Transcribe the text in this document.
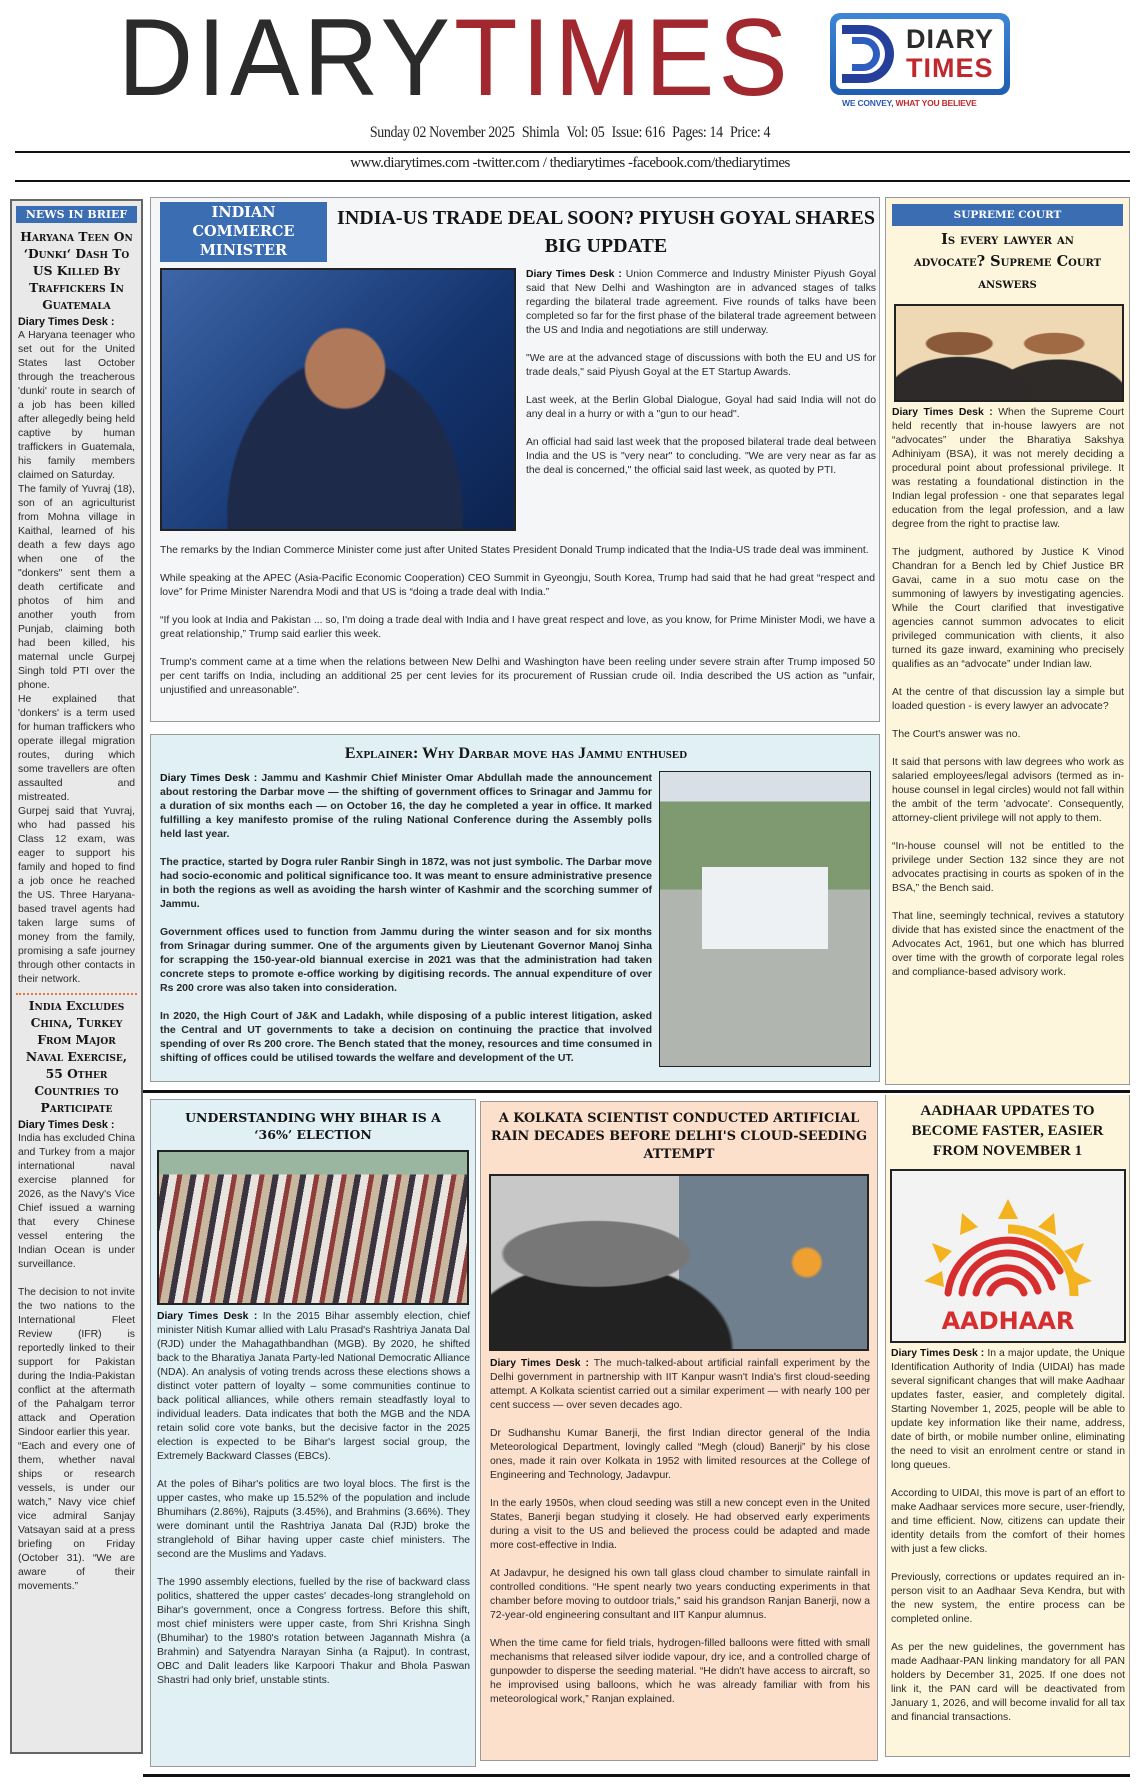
DIARYTIMES	DIARY
TIMES
WE CONVEY, WHAT YOU BELIEVE
Sunday 02 November 2025 Shimla Vol: 05 Issue: 616 Pages: 14 Price: 4
www.diarytimes.com -twitter.com / thediarytimes -facebook.com/thediarytimes
NEWS IN BRIEF
Haryana Teen On ‘Dunki‘ Dash To US Killed By Traffickers In Guatemala
Diary Times Desk :

A Haryana teenager who set out for the United States last October through the treacherous 'dunki' route in search of a job has been killed after allegedly being held captive by human traffickers in Guatemala, his family members claimed on Saturday.

The family of Yuvraj (18), son of an agriculturist from Mohna village in Kaithal, learned of his death a few days ago when one of the "donkers" sent them a death certificate and photos of him and another youth from Punjab, claiming both had been killed, his maternal uncle Gurpej Singh told PTI over the phone.

He explained that 'donkers' is a term used for human traffickers who operate illegal migration routes, during which some travellers are often assaulted and mistreated.

Gurpej said that Yuvraj, who had passed his Class 12 exam, was eager to support his family and hoped to find a job once he reached the US. Three Haryana-based travel agents had taken large sums of money from the family, promising a safe journey through other contacts in their network.

India Excludes China, Turkey From Major Naval Exercise, 55 Other Countries to Participate
Diary Times Desk :

India has excluded China and Turkey from a major international naval exercise planned for 2026, as the Navy's Vice Chief issued a warning that every Chinese vessel entering the Indian Ocean is under surveillance.

The decision to not invite the two nations to the International Fleet Review (IFR) is reportedly linked to their support for Pakistan during the India-Pakistan conflict at the aftermath of the Pahalgam terror attack and Operation Sindoor earlier this year.

“Each and every one of them, whether naval ships or research vessels, is under our watch,” Navy vice chief vice admiral Sanjay Vatsayan said at a press briefing on Friday (October 31). “We are aware of their movements.”

INDIAN COMMERCE MINISTER
INDIA-US TRADE DEAL SOON? PIYUSH GOYAL SHARES BIG UPDATE

Diary Times Desk : Union Commerce and Industry Minister Piyush Goyal said that New Delhi and Washington are in advanced stages of talks regarding the bilateral trade agreement. Five rounds of talks have been completed so far for the first phase of the bilateral trade agreement between the US and India and negotiations are still underway.

"We are at the advanced stage of discussions with both the EU and US for trade deals," said Piyush Goyal at the ET Startup Awards.

Last week, at the Berlin Global Dialogue, Goyal had said India will not do any deal in a hurry or with a "gun to our head".

An official had said last week that the proposed bilateral trade deal between India and the US is "very near" to concluding. "We are very near as far as the deal is concerned," the official said last week, as quoted by PTI.

The remarks by the Indian Commerce Minister come just after United States President Donald Trump indicated that the India-US trade deal was imminent.

While speaking at the APEC (Asia-Pacific Economic Cooperation) CEO Summit in Gyeongju, South Korea, Trump had said that he had great “respect and love” for Prime Minister Narendra Modi and that US is “doing a trade deal with India.”

“If you look at India and Pakistan ... so, I'm doing a trade deal with India and I have great respect and love, as you know, for Prime Minister Modi, we have a great relationship,” Trump said earlier this week.

Trump's comment came at a time when the relations between New Delhi and Washington have been reeling under severe strain after Trump imposed 50 per cent tariffs on India, including an additional 25 per cent levies for its procurement of Russian crude oil. India described the US action as "unfair, unjustified and unreasonable".

Explainer: Why Darbar move has Jammu enthused

Diary Times Desk : Jammu and Kashmir Chief Minister Omar Abdullah made the announcement about restoring the Darbar move — the shifting of government offices to Srinagar and Jammu for a duration of six months each — on October 16, the day he completed a year in office. It marked fulfilling a key manifesto promise of the ruling National Conference during the Assembly polls held last year.

The practice, started by Dogra ruler Ranbir Singh in 1872, was not just symbolic. The Darbar move had socio-economic and political significance too. It was meant to ensure administrative presence in both the regions as well as avoiding the harsh winter of Kashmir and the scorching summer of Jammu.

Government offices used to function from Jammu during the winter season and for six months from Srinagar during summer. One of the arguments given by Lieutenant Governor Manoj Sinha for scrapping the 150-year-old biannual exercise in 2021 was that the administration had taken concrete steps to promote e-office working by digitising records. The annual expenditure of over Rs 200 crore was also taken into consideration.

In 2020, the High Court of J&K and Ladakh, while disposing of a public interest litigation, asked the Central and UT governments to take a decision on continuing the practice that involved spending of over Rs 200 crore. The Bench stated that the money, resources and time consumed in shifting of offices could be utilised towards the welfare and development of the UT.

SUPREME COURT
Is every lawyer an advocate? Supreme Court answers

Diary Times Desk : When the Supreme Court held recently that in-house lawyers are not “advocates” under the Bharatiya Sakshya Adhiniyam (BSA), it was not merely deciding a procedural point about professional privilege. It was restating a foundational distinction in the Indian legal profession - one that separates legal education from the legal profession, and a law degree from the right to practise law.

The judgment, authored by Justice K Vinod Chandran for a Bench led by Chief Justice BR Gavai, came in a suo motu case on the summoning of lawyers by investigating agencies. While the Court clarified that investigative agencies cannot summon advocates to elicit privileged communication with clients, it also turned its gaze inward, examining who precisely qualifies as an “advocate” under Indian law.

At the centre of that discussion lay a simple but loaded question - is every lawyer an advocate?

The Court's answer was no.

It said that persons with law degrees who work as salaried employees/legal advisors (termed as in-house counsel in legal circles) would not fall within the ambit of the term 'advocate'. Consequently, attorney-client privilege will not apply to them.

“In-house counsel will not be entitled to the privilege under Section 132 since they are not advocates practising in courts as spoken of in the BSA,” the Bench said.

That line, seemingly technical, revives a statutory divide that has existed since the enactment of the Advocates Act, 1961, but one which has blurred over time with the growth of corporate legal roles and compliance-based advisory work.

UNDERSTANDING WHY BIHAR IS A ‘36%’ ELECTION

Diary Times Desk : In the 2015 Bihar assembly election, chief minister Nitish Kumar allied with Lalu Prasad's Rashtriya Janata Dal (RJD) under the Mahagathbandhan (MGB). By 2020, he shifted back to the Bharatiya Janata Party-led National Democratic Alliance (NDA). An analysis of voting trends across these elections shows a distinct voter pattern of loyalty – some communities continue to back political alliances, while others remain steadfastly loyal to individual leaders. Data indicates that both the MGB and the NDA retain solid core vote banks, but the decisive factor in the 2025 election is expected to be Bihar's largest social group, the Extremely Backward Classes (EBCs).

At the poles of Bihar's politics are two loyal blocs. The first is the upper castes, who make up 15.52% of the population and include Bhumihars (2.86%), Rajputs (3.45%), and Brahmins (3.66%). They were dominant until the Rashtriya Janata Dal (RJD) broke the stranglehold of Bihar having upper caste chief ministers. The second are the Muslims and Yadavs.

The 1990 assembly elections, fuelled by the rise of backward class politics, shattered the upper castes' decades-long stranglehold on Bihar's government, once a Congress fortress. Before this shift, most chief ministers were upper caste, from Shri Krishna Singh (Bhumihar) to the 1980's rotation between Jagannath Mishra (a Brahmin) and Satyendra Narayan Sinha (a Rajput). In contrast, OBC and Dalit leaders like Karpoori Thakur and Bhola Paswan Shastri had only brief, unstable stints.

A KOLKATA SCIENTIST CONDUCTED ARTIFICIAL RAIN DECADES BEFORE DELHI'S CLOUD-SEEDING ATTEMPT

Diary Times Desk : The much-talked-about artificial rainfall experiment by the Delhi government in partnership with IIT Kanpur wasn't India's first cloud-seeding attempt. A Kolkata scientist carried out a similar experiment — with nearly 100 per cent success — over seven decades ago.

Dr Sudhanshu Kumar Banerji, the first Indian director general of the India Meteorological Department, lovingly called “Megh (cloud) Banerji” by his close ones, made it rain over Kolkata in 1952 with limited resources at the College of Engineering and Technology, Jadavpur.

In the early 1950s, when cloud seeding was still a new concept even in the United States, Banerji began studying it closely. He had observed early experiments during a visit to the US and believed the process could be adapted and made more cost-effective in India.

At Jadavpur, he designed his own tall glass cloud chamber to simulate rainfall in controlled conditions. “He spent nearly two years conducting experiments in that chamber before moving to outdoor trials,” said his grandson Ranjan Banerji, now a 72-year-old engineering consultant and IIT Kanpur alumnus.

When the time came for field trials, hydrogen-filled balloons were fitted with small mechanisms that released silver iodide vapour, dry ice, and a controlled charge of gunpowder to disperse the seeding material. “He didn't have access to aircraft, so he improvised using balloons, which he was already familiar with from his meteorological work,” Ranjan explained.

AADHAAR UPDATES TO BECOME FASTER, EASIER FROM NOVEMBER 1
AADHAAR

Diary Times Desk : In a major update, the Unique Identification Authority of India (UIDAI) has made several significant changes that will make Aadhaar updates faster, easier, and completely digital. Starting November 1, 2025, people will be able to update key information like their name, address, date of birth, or mobile number online, eliminating the need to visit an enrolment centre or stand in long queues.

According to UIDAI, this move is part of an effort to make Aadhaar services more secure, user-friendly, and time efficient. Now, citizens can update their identity details from the comfort of their homes with just a few clicks.

Previously, corrections or updates required an in-person visit to an Aadhaar Seva Kendra, but with the new system, the entire process can be completed online.

As per the new guidelines, the government has made Aadhaar-PAN linking mandatory for all PAN holders by December 31, 2025. If one does not link it, the PAN card will be deactivated from January 1, 2026, and will become invalid for all tax and financial transactions.
